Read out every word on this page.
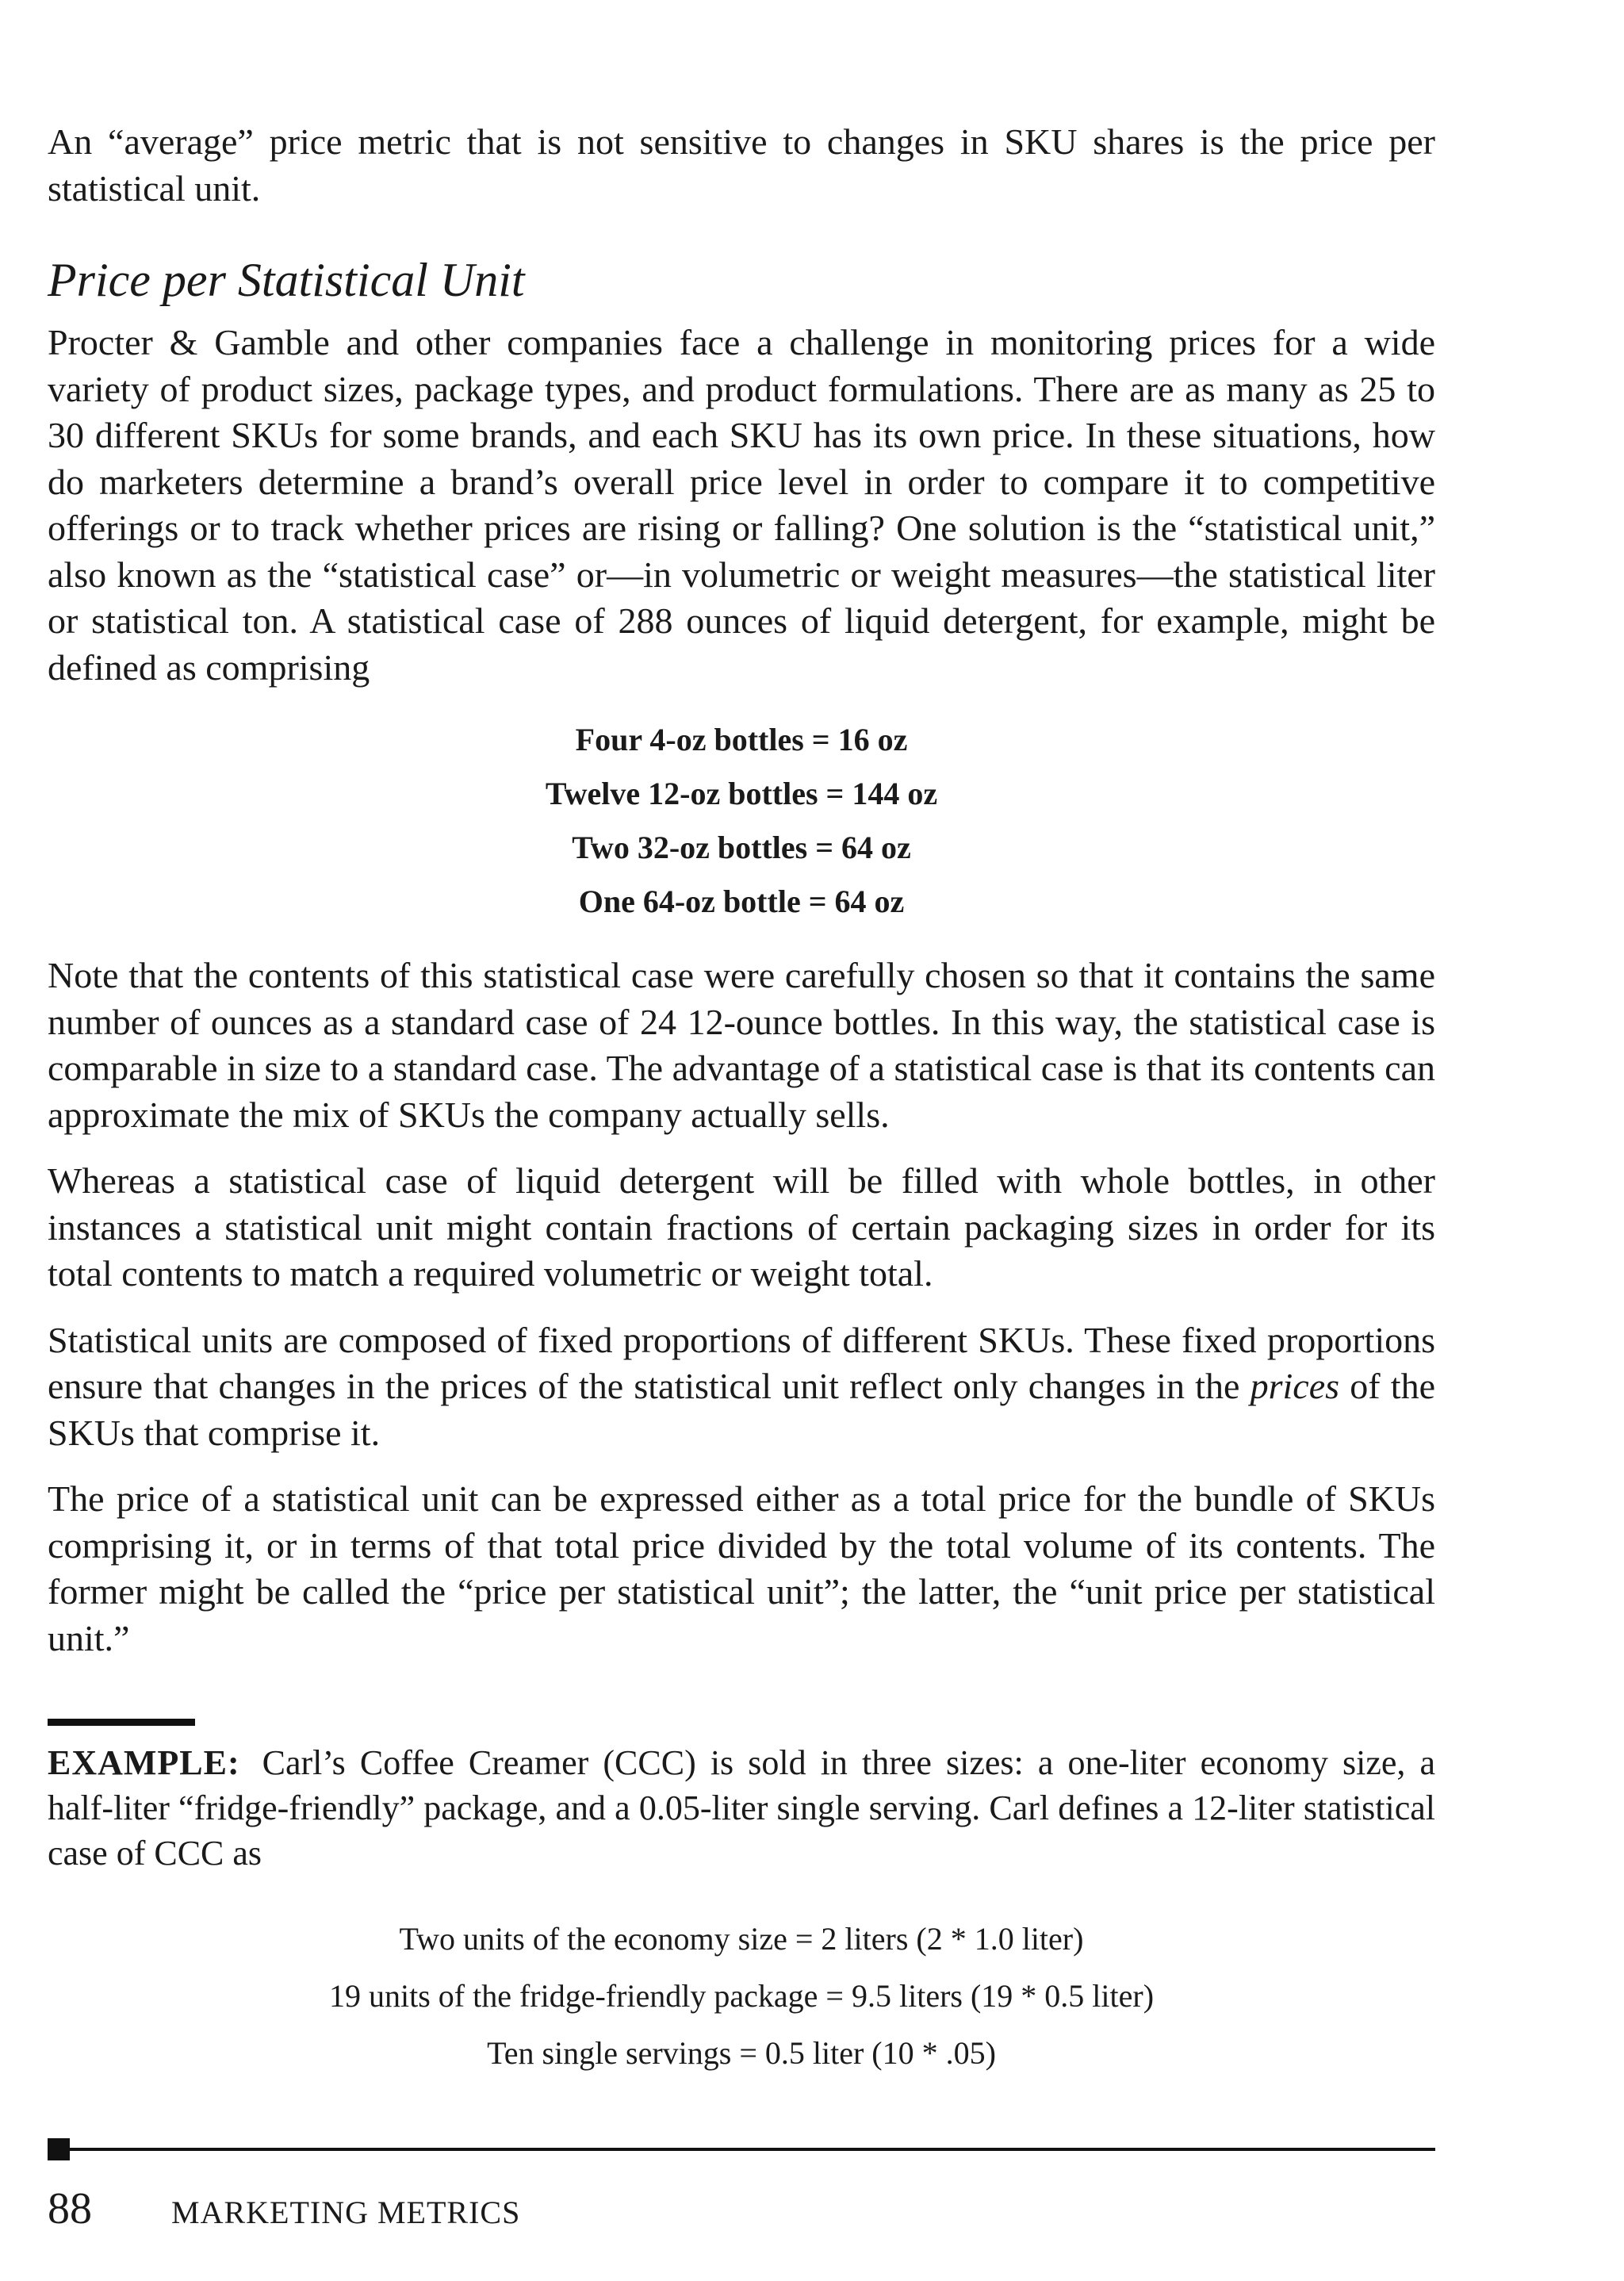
An “average” price metric that is not sensitive to changes in SKU shares is the price per statistical unit.

Price per Statistical Unit

Procter & Gamble and other companies face a challenge in monitoring prices for a wide variety of product sizes, package types, and product formulations. There are as many as 25 to 30 different SKUs for some brands, and each SKU has its own price. In these situations, how do marketers determine a brand’s overall price level in order to compare it to competitive offerings or to track whether prices are rising or falling? One solution is the “statistical unit,” also known as the “statistical case” or—in volumetric or weight measures—the statistical liter or statistical ton. A statistical case of 288 ounces of liquid detergent, for example, might be defined as comprising

Four 4-oz bottles = 16 oz
Twelve 12-oz bottles = 144 oz
Two 32-oz bottles = 64 oz
One 64-oz bottle = 64 oz

Note that the contents of this statistical case were carefully chosen so that it contains the same number of ounces as a standard case of 24 12-ounce bottles. In this way, the statistical case is comparable in size to a standard case. The advantage of a statistical case is that its contents can approximate the mix of SKUs the company actually sells.

Whereas a statistical case of liquid detergent will be filled with whole bottles, in other instances a statistical unit might contain fractions of certain packaging sizes in order for its total contents to match a required volumetric or weight total.

Statistical units are composed of fixed proportions of different SKUs. These fixed proportions ensure that changes in the prices of the statistical unit reflect only changes in the prices of the SKUs that comprise it.

The price of a statistical unit can be expressed either as a total price for the bundle of SKUs comprising it, or in terms of that total price divided by the total volume of its contents. The former might be called the “price per statistical unit”; the latter, the “unit price per statistical unit.”

EXAMPLE: Carl’s Coffee Creamer (CCC) is sold in three sizes: a one-liter economy size, a half-liter “fridge-friendly” package, and a 0.05-liter single serving. Carl defines a 12-liter statistical case of CCC as

Two units of the economy size = 2 liters (2 * 1.0 liter)
19 units of the fridge-friendly package = 9.5 liters (19 * 0.5 liter)
Ten single servings = 0.5 liter (10 * .05)
88	MARKETING METRICS
